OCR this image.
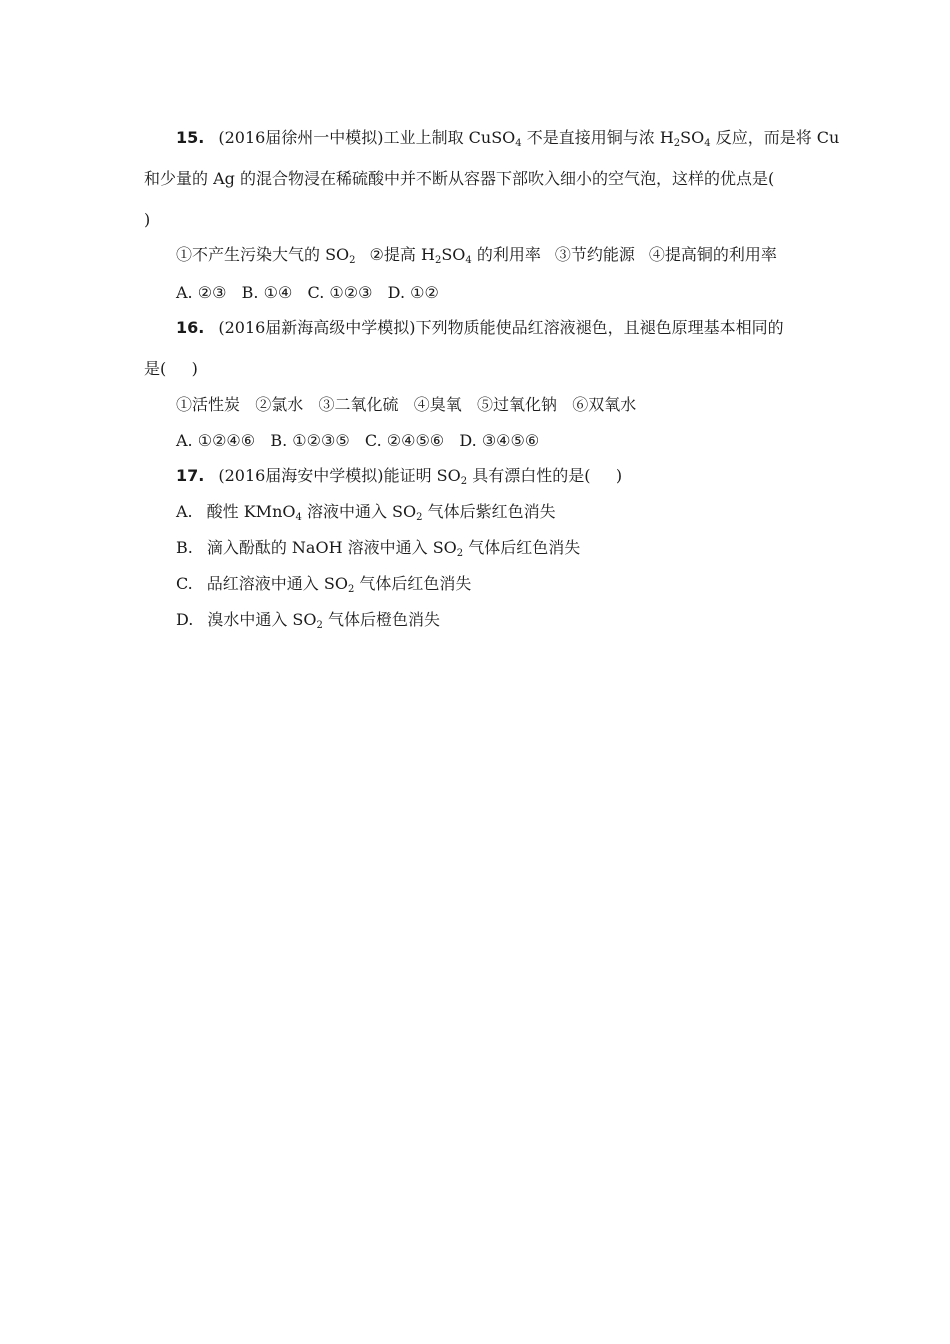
15. (2016届徐州一中模拟)工业上制取 CuSO$_4$ 不是直接用铜与浓 $H_2SO_4$ 反应，而是将 Cu
和少量的 Ag 的混合物浸在稀硫酸中并不断从容器下部吹入细小的空气泡，这样的优点是(
)
①不产生污染大气的 $SO_2$ ②提高 $H_2SO_4$ 的利用率 ③节约能源 ④提高铜的利用率
A. ②③   B. ①④   C. ①②③   D. ①②
16. (2016届新海高级中学模拟)下列物质能使品红溶液褪色，且褪色原理基本相同的
是(     )
①活性炭   ②氯水   ③二氧化硫   ④臭氧   ⑤过氧化钠   ⑥双氧水
A. ①②④⑥   B. ①②③⑤   C. ②④⑤⑥   D. ③④⑤⑥
17. (2016届海安中学模拟)能证明 $SO_2$ 具有漂白性的是(     )
A. 酸性 KMnO$_4$ 溶液中通入 $SO_2$ 气体后紫红色消失
B. 滴入酚酞的 NaOH 溶液中通入 $SO_2$ 气体后红色消失
C. 品红溶液中通入 $SO_2$ 气体后红色消失
D. 溴水中通入 $SO_2$ 气体后橙色消失
